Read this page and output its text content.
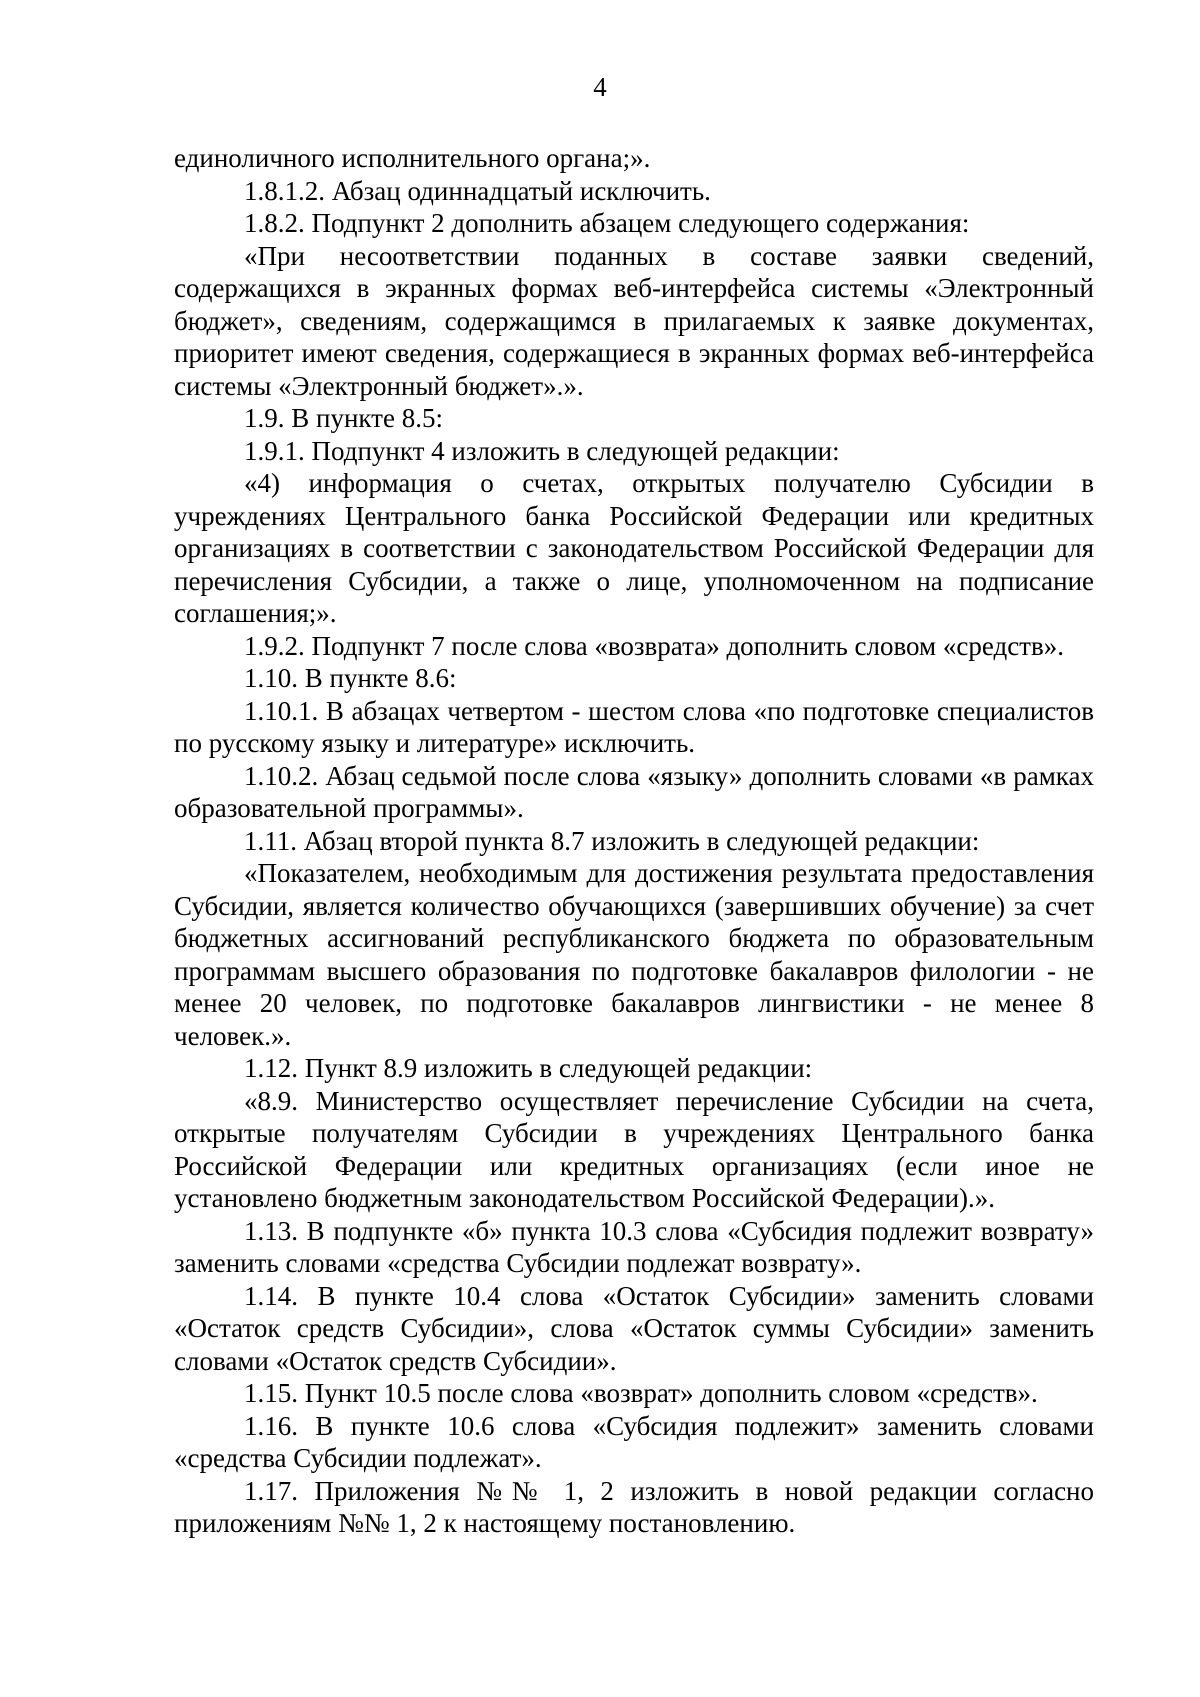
4

единоличного исполнительного органа;».

1.8.1.2. Абзац одиннадцатый исключить.

1.8.2. Подпункт 2 дополнить абзацем следующего содержания:

«При несоответствии поданных в составе заявки сведений, содержащихся в экранных формах веб-интерфейса системы «Электронный бюджет», сведениям, содержащимся в прилагаемых к заявке документах, приоритет имеют сведения, содержащиеся в экранных формах веб-интерфейса системы «Электронный бюджет».».

1.9. В пункте 8.5:

1.9.1. Подпункт 4 изложить в следующей редакции:

«4) информация о счетах, открытых получателю Субсидии в учреждениях Центрального банка Российской Федерации или кредитных организациях в соответствии с законодательством Российской Федерации для перечисления Субсидии, а также о лице, уполномоченном на подписание соглашения;».

1.9.2. Подпункт 7 после слова «возврата» дополнить словом «средств».

1.10. В пункте 8.6:

1.10.1. В абзацах четвертом - шестом слова «по подготовке специалистов по русскому языку и литературе» исключить.

1.10.2. Абзац седьмой после слова «языку» дополнить словами «в рамках образовательной программы».

1.11. Абзац второй пункта 8.7 изложить в следующей редакции:

«Показателем, необходимым для достижения результата предоставления Субсидии, является количество обучающихся (завершивших обучение) за счет бюджетных ассигнований республиканского бюджета по образовательным программам высшего образования по подготовке бакалавров филологии - не менее 20 человек, по подготовке бакалавров лингвистики - не менее 8 человек.».

1.12. Пункт 8.9 изложить в следующей редакции:

«8.9. Министерство осуществляет перечисление Субсидии на счета, открытые получателям Субсидии в учреждениях Центрального банка Российской Федерации или кредитных организациях (если иное не установлено бюджетным законодательством Российской Федерации).».

1.13. В подпункте «б» пункта 10.3 слова «Субсидия подлежит возврату» заменить словами «средства Субсидии подлежат возврату».

1.14. В пункте 10.4 слова «Остаток Субсидии» заменить словами «Остаток средств Субсидии», слова «Остаток суммы Субсидии» заменить словами «Остаток средств Субсидии».

1.15. Пункт 10.5 после слова «возврат» дополнить словом «средств».

1.16. В пункте 10.6 слова «Субсидия подлежит» заменить словами «средства Субсидии подлежат».

1.17. Приложения №№ 1, 2 изложить в новой редакции согласно приложениям №№ 1, 2 к настоящему постановлению.
